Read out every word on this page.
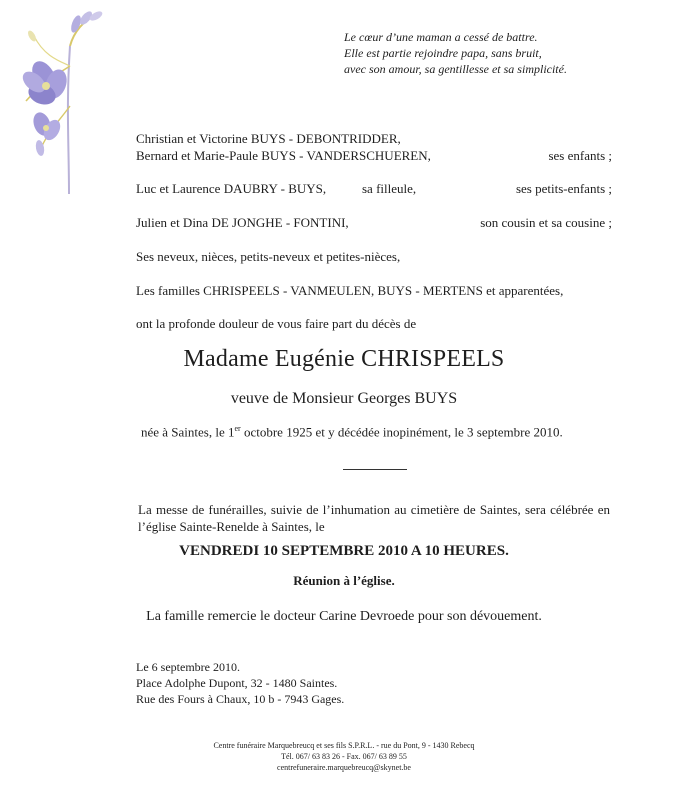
Le cœur d’une maman a cessé de battre.
Elle est partie rejoindre papa, sans bruit,
avec son amour, sa gentillesse et sa simplicité.
Christian et Victorine BUYS - DEBONTRIDDER,
Bernard et Marie-Paule BUYS - VANDERSCHUEREN,	ses enfants ;
Luc et Laurence DAUBRY - BUYS,	sa filleule,	ses petits-enfants ;
Julien et Dina DE JONGHE - FONTINI,	son cousin et sa cousine ;
Ses neveux, nièces, petits-neveux et petites-nièces,
Les familles CHRISPEELS - VANMEULEN, BUYS - MERTENS et apparentées,
ont la profonde douleur de vous faire part du décès de
Madame Eugénie CHRISPEELS
veuve de Monsieur Georges BUYS
née à Saintes, le 1er octobre 1925 et y décédée inopinément, le 3 septembre 2010.
La messe de funérailles, suivie de l’inhumation au cimetière de Saintes, sera célébrée en l’église Sainte-Renelde à Saintes, le
VENDREDI 10 SEPTEMBRE 2010 A 10 HEURES.
Réunion à l’église.
La famille remercie le docteur Carine Devroede pour son dévouement.
Le 6 septembre 2010.
Place Adolphe Dupont, 32 - 1480 Saintes.
Rue des Fours à Chaux, 10 b - 7943 Gages.
Centre funéraire Marquebreucq et ses fils S.P.R.L. - rue du Pont, 9 - 1430 Rebecq
Tél. 067/ 63 83 26 - Fax. 067/ 63 89 55
centrefuneraire.marquebreucq@skynet.be
